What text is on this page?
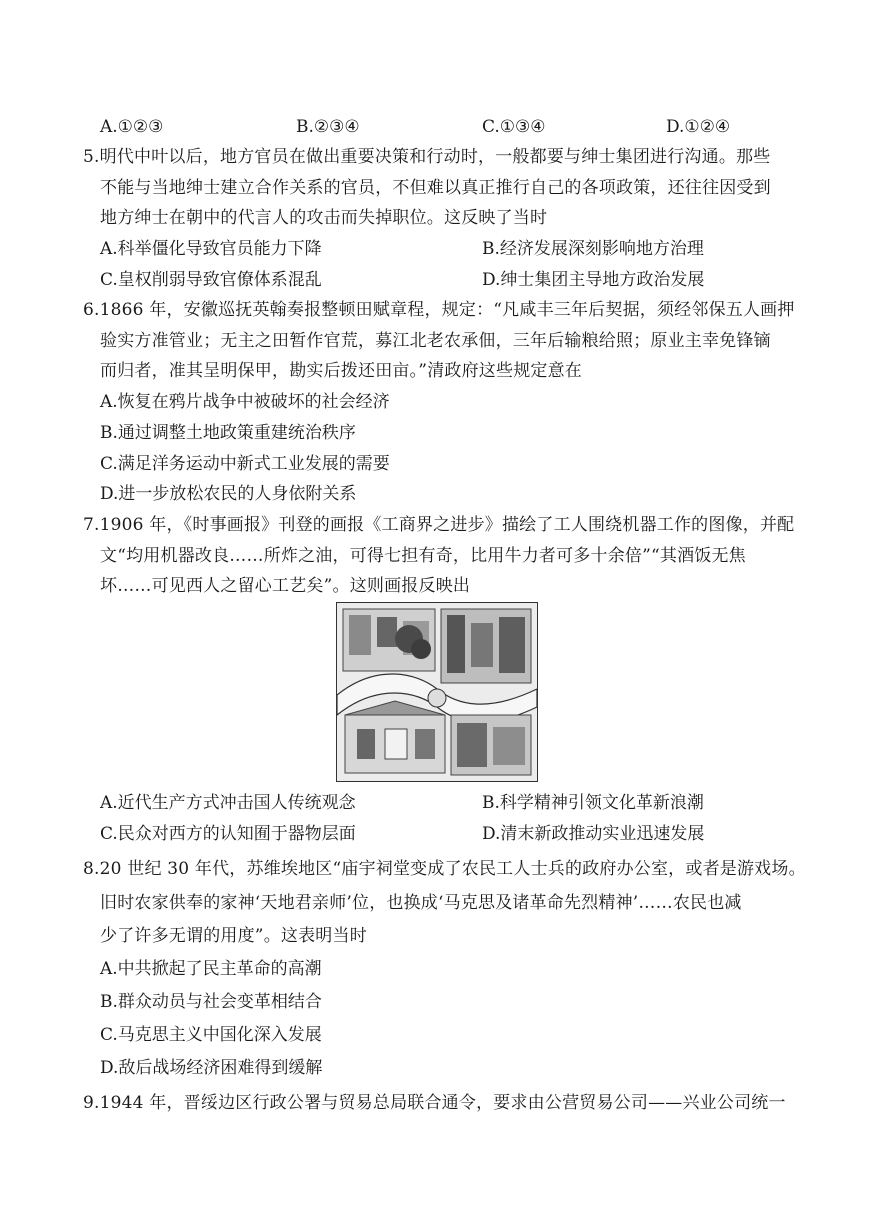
A.①②③	B.②③④	C.①③④	D.①②④
5.明代中叶以后，地方官员在做出重要决策和行动时，一般都要与绅士集团进行沟通。那些
不能与当地绅士建立合作关系的官员，不但难以真正推行自己的各项政策，还往往因受到
地方绅士在朝中的代言人的攻击而失掉职位。这反映了当时
A.科举僵化导致官员能力下降	B.经济发展深刻影响地方治理
C.皇权削弱导致官僚体系混乱	D.绅士集团主导地方政治发展
6.1866 年，安徽巡抚英翰奏报整顿田赋章程，规定：“凡咸丰三年后契据，须经邻保五人画押
验实方准管业；无主之田暂作官荒，募江北老农承佃，三年后输粮给照；原业主幸免锋镝
而归者，准其呈明保甲，勘实后拨还田亩。”清政府这些规定意在
A.恢复在鸦片战争中被破坏的社会经济
B.通过调整土地政策重建统治秩序
C.满足洋务运动中新式工业发展的需要
D.进一步放松农民的人身依附关系
7.1906 年，《时事画报》刊登的画报《工商界之进步》描绘了工人围绕机器工作的图像，并配
文“均用机器改良……所炸之油，可得七担有奇，比用牛力者可多十余倍”“其酒饭无焦
坏……可见西人之留心工艺矣”。这则画报反映出
A.近代生产方式冲击国人传统观念	B.科学精神引领文化革新浪潮
C.民众对西方的认知囿于器物层面	D.清末新政推动实业迅速发展
8.20 世纪 30 年代，苏维埃地区“庙宇祠堂变成了农民工人士兵的政府办公室，或者是游戏场。
旧时农家供奉的家神‘天地君亲师’位，也换成‘马克思及诸革命先烈精神’……农民也减
少了许多无谓的用度”。这表明当时
A.中共掀起了民主革命的高潮
B.群众动员与社会变革相结合
C.马克思主义中国化深入发展
D.敌后战场经济困难得到缓解
9.1944 年，晋绥边区行政公署与贸易总局联合通令，要求由公营贸易公司——兴业公司统一
